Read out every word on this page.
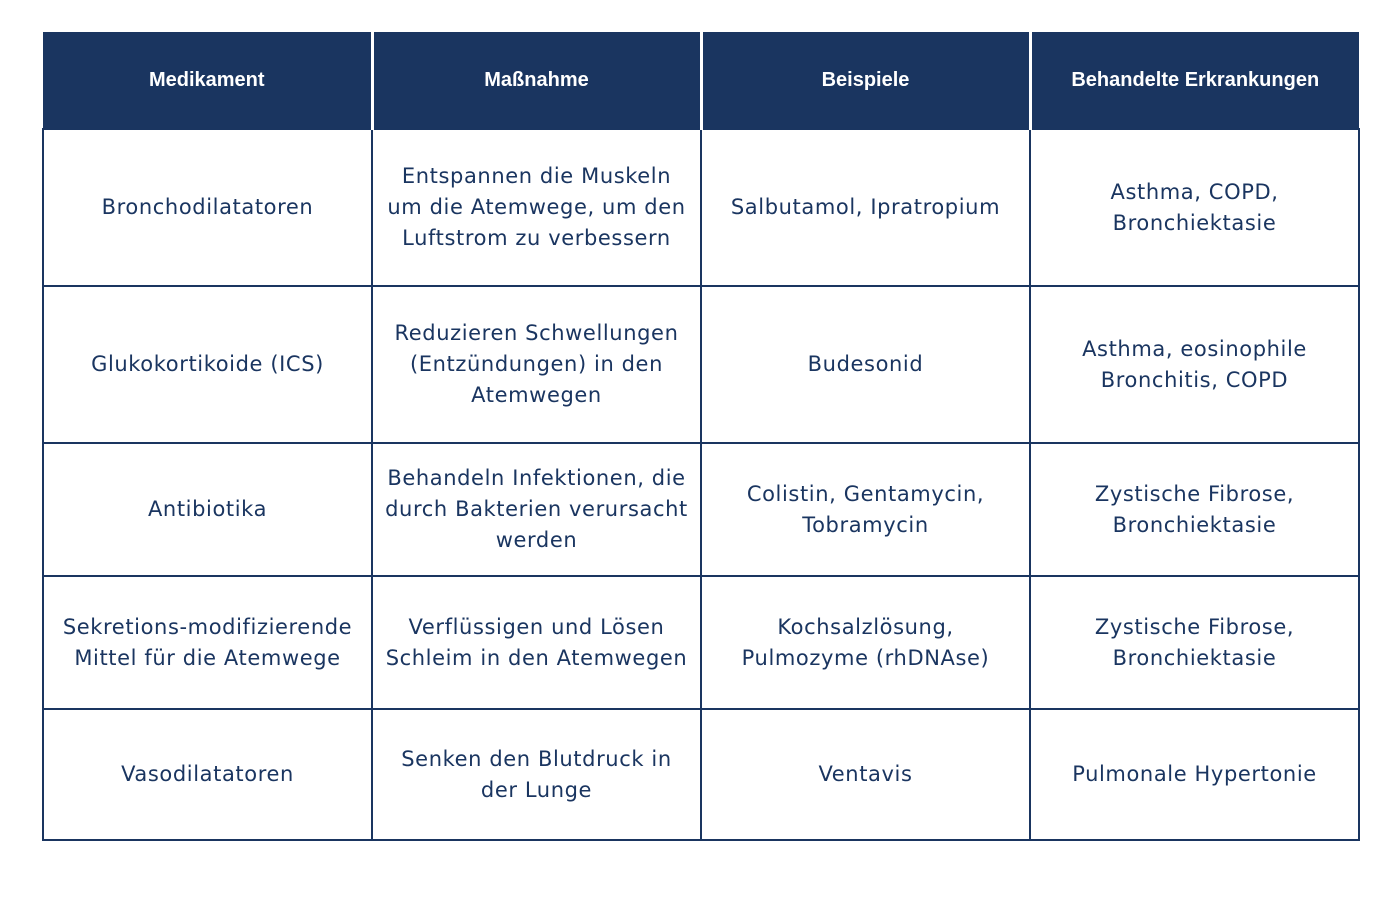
Medikament	Maßnahme	Beispiele	Behandelte Erkrankungen

Bronchodilatatoren	Entspannen die Muskeln um die Atemwege, um den Luftstrom zu verbessern	Salbutamol, Ipratropium	Asthma, COPD, Bronchiektasie

Glukokortikoide (ICS)	Reduzieren Schwellungen (Entzündungen) in den Atemwegen	Budesonid	Asthma, eosinophile Bronchitis, COPD

Antibiotika	Behandeln Infektionen, die durch Bakterien verursacht werden	Colistin, Gentamycin, Tobramycin	Zystische Fibrose, Bronchiektasie

Sekretions-modifizierende Mittel für die Atemwege	Verflüssigen und Lösen Schleim in den Atemwegen	Kochsalzlösung, Pulmozyme (rhDNAse)	Zystische Fibrose, Bronchiektasie

Vasodilatatoren	Senken den Blutdruck in der Lunge	Ventavis	Pulmonale Hypertonie
